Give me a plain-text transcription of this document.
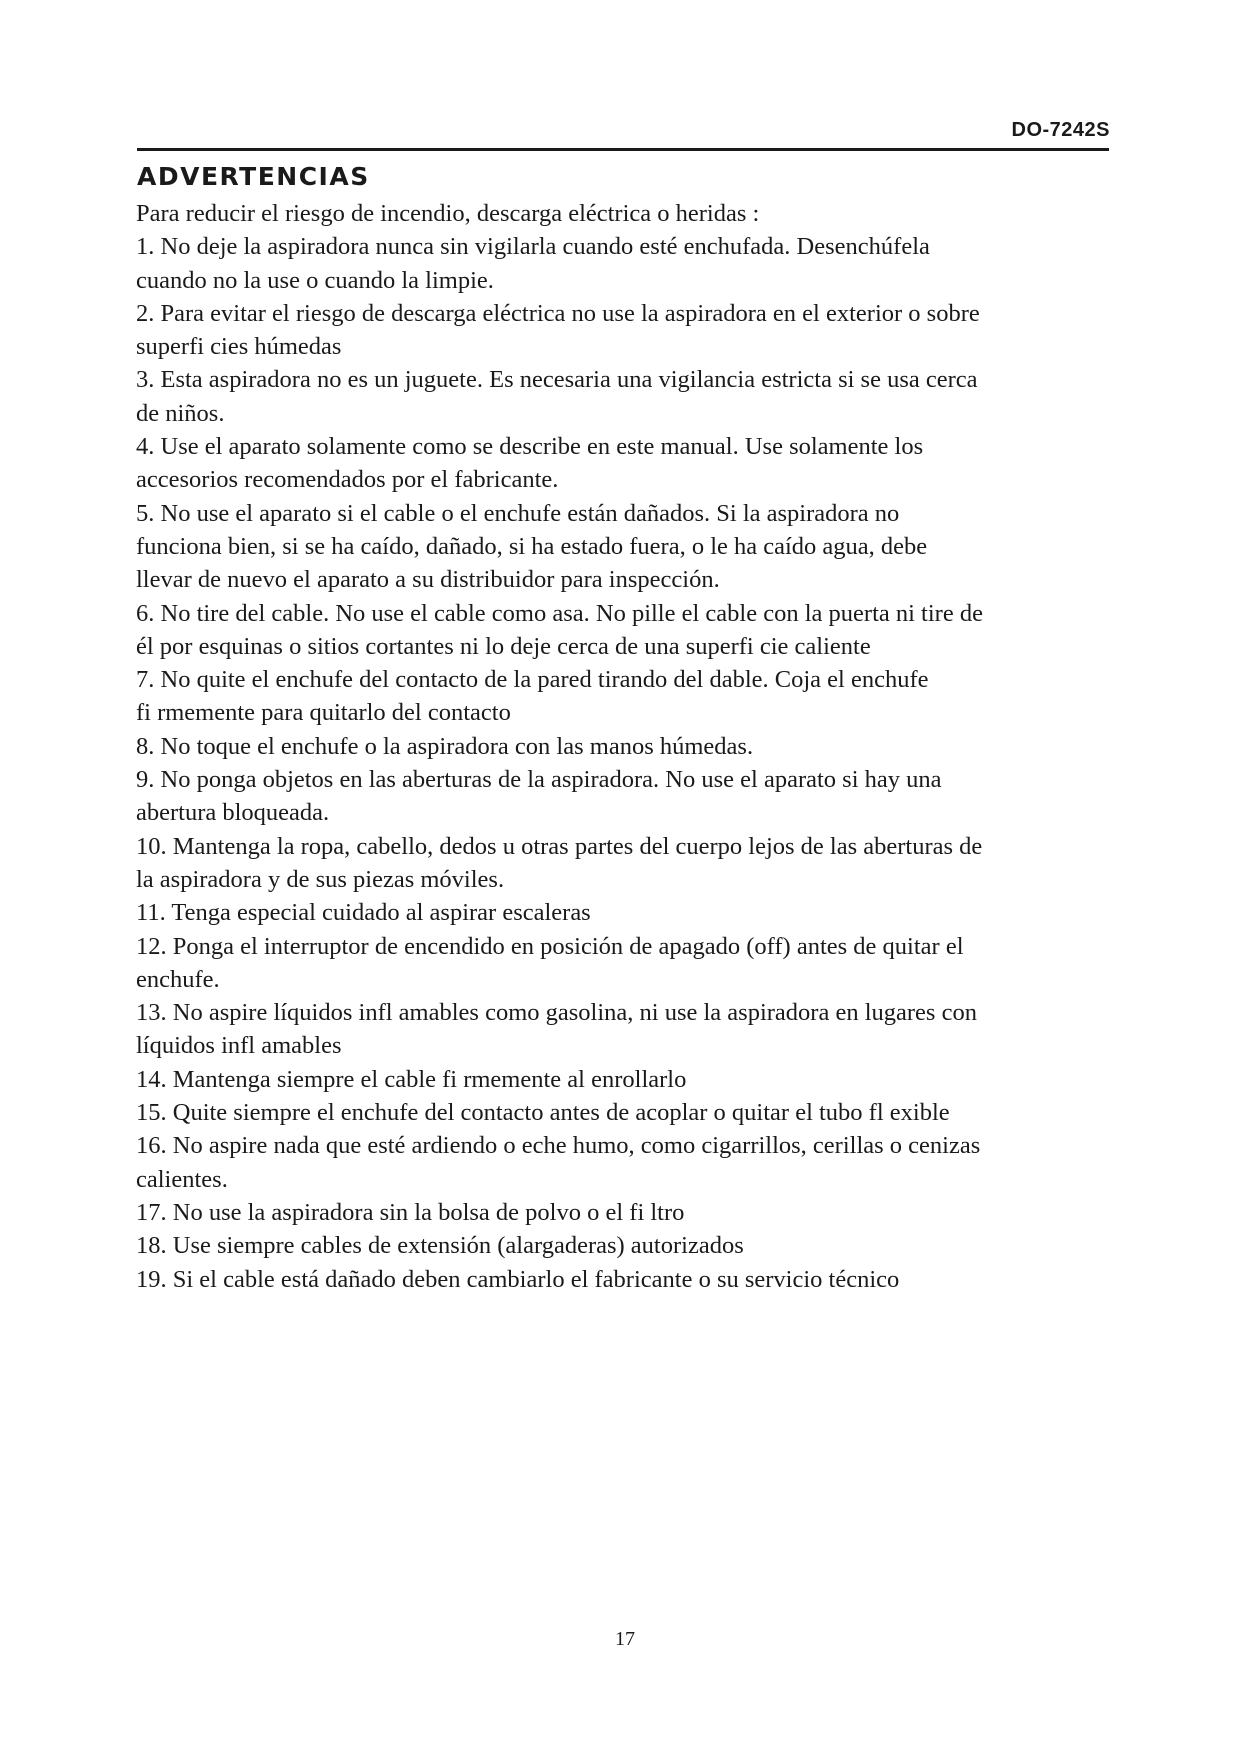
DO-7242S
ADVERTENCIAS
Para reducir el riesgo de incendio, descarga eléctrica o heridas :
1. No deje la aspiradora nunca sin vigilarla cuando esté enchufada. Desenchúfela
cuando no la use o cuando la limpie.
2. Para evitar el riesgo de descarga eléctrica no use la aspiradora en el exterior o sobre
superfi cies húmedas
3. Esta aspiradora no es un juguete. Es necesaria una vigilancia estricta si se usa cerca
de niños.
4. Use el aparato solamente como se describe en este manual. Use solamente los
accesorios recomendados por el fabricante.
5. No use el aparato si el cable o el enchufe están dañados. Si la aspiradora no
funciona bien, si se ha caído, dañado, si ha estado fuera, o le ha caído agua, debe
llevar de nuevo el aparato a su distribuidor para inspección.
6. No tire del cable. No use el cable como asa. No pille el cable con la puerta ni tire de
él por esquinas o sitios cortantes ni lo deje cerca de una superfi cie caliente
7. No quite el enchufe del contacto de la pared tirando del dable. Coja el enchufe
fi rmemente para quitarlo del contacto
8. No toque el enchufe o la aspiradora con las manos húmedas.
9. No ponga objetos en las aberturas de la aspiradora. No use el aparato si hay una
abertura bloqueada.
10. Mantenga la ropa, cabello, dedos u otras partes del cuerpo lejos de las aberturas de
la aspiradora y de sus piezas móviles.
11. Tenga especial cuidado al aspirar escaleras
12. Ponga el interruptor de encendido en posición de apagado (off) antes de quitar el
enchufe.
13. No aspire líquidos infl amables como gasolina, ni use la aspiradora en lugares con
líquidos infl amables
14. Mantenga siempre el cable fi rmemente al enrollarlo
15. Quite siempre el enchufe del contacto antes de acoplar o quitar el tubo fl exible
16. No aspire nada que esté ardiendo o eche humo, como cigarrillos, cerillas o cenizas
calientes.
17. No use la aspiradora sin la bolsa de polvo o el fi ltro
18. Use siempre cables de extensión (alargaderas) autorizados
19. Si el cable está dañado deben cambiarlo el fabricante o su servicio técnico
17
